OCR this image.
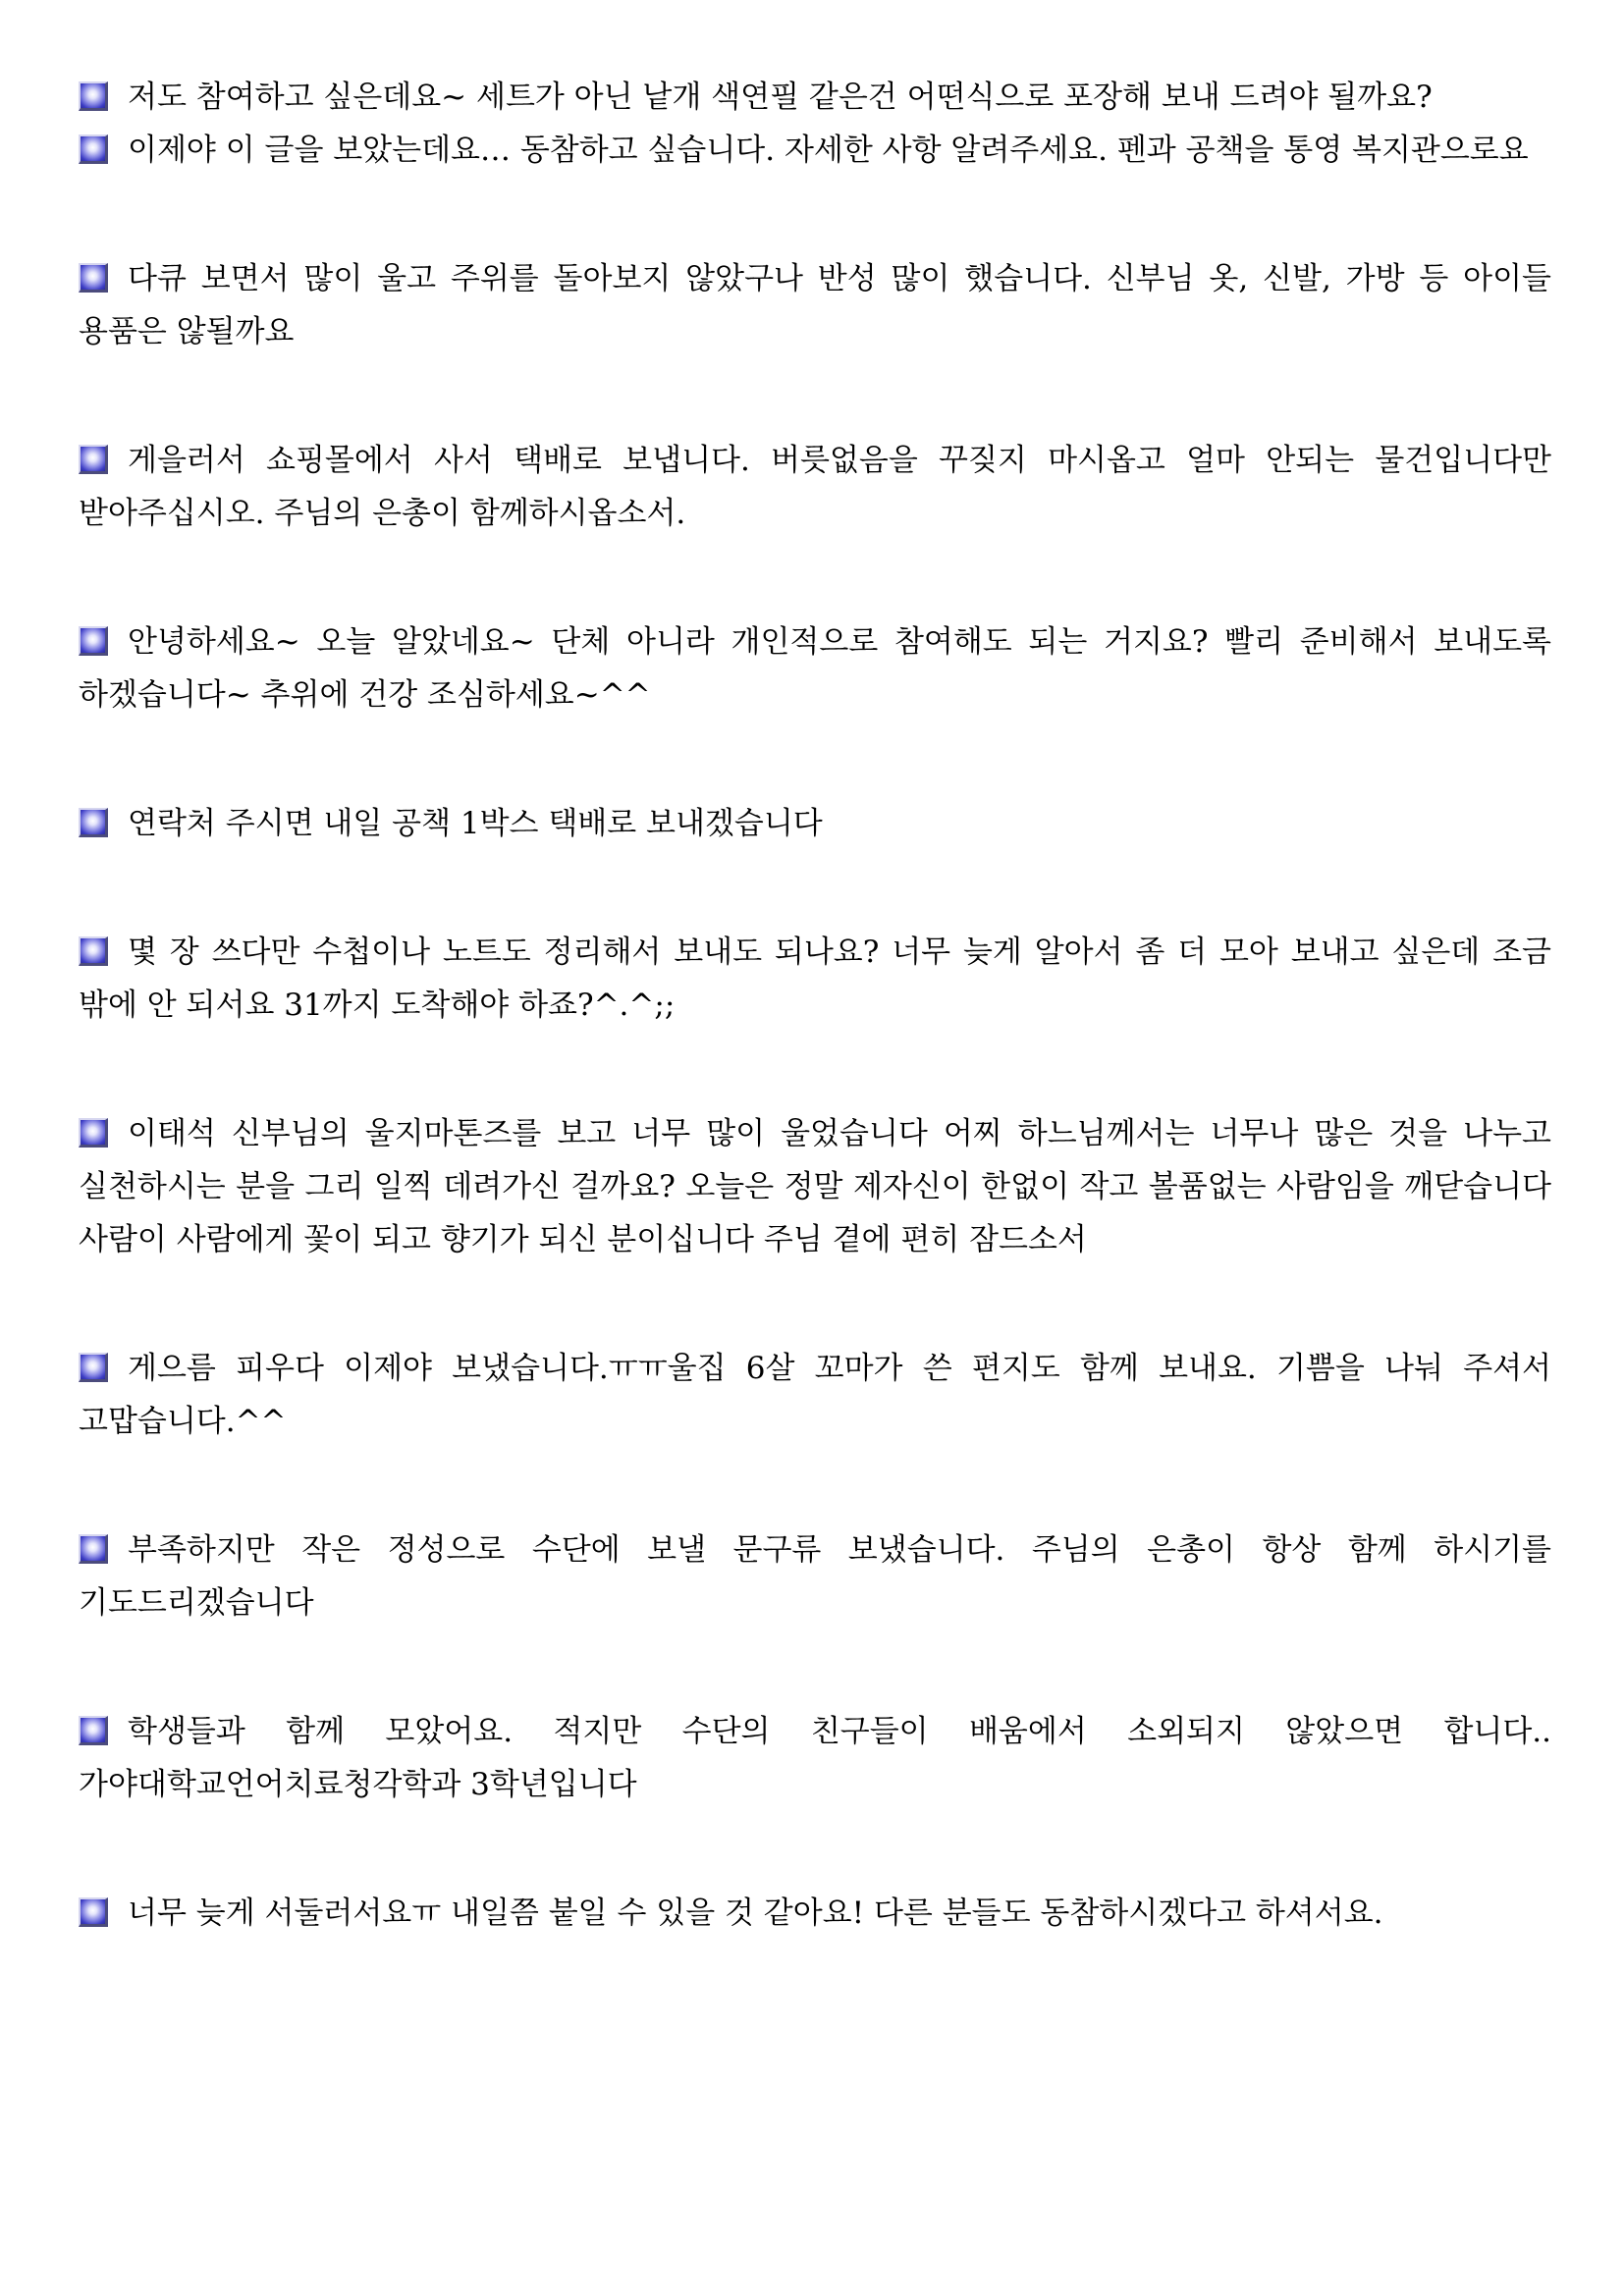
저도 참여하고 싶은데요~ 세트가 아닌 낱개 색연필 같은건 어떤식으로 포장해 보내 드려야 될까요?
이제야 이 글을 보았는데요… 동참하고 싶습니다. 자세한 사항 알려주세요. 펜과 공책을 통영 복지관으로요
다큐 보면서 많이 울고 주위를 돌아보지 않았구나 반성 많이 했습니다. 신부님 옷, 신발, 가방 등 아이들 용품은 않될까요
게을러서 쇼핑몰에서 사서 택배로 보냅니다. 버릇없음을 꾸짖지 마시옵고 얼마 안되는 물건입니다만 받아주십시오. 주님의 은총이 함께하시옵소서.
안녕하세요~ 오늘 알았네요~ 단체 아니라 개인적으로 참여해도 되는 거지요? 빨리 준비해서 보내도록 하겠습니다~ 추위에 건강 조심하세요~^^
연락처 주시면 내일 공책 1박스 택배로 보내겠습니다
몇 장 쓰다만 수첩이나 노트도 정리해서 보내도 되나요? 너무 늦게 알아서 좀 더 모아 보내고 싶은데 조금 밖에 안 되서요 31까지 도착해야 하죠?^.^;;
이태석 신부님의 울지마톤즈를 보고 너무 많이 울었습니다 어찌 하느님께서는 너무나 많은 것을 나누고 실천하시는 분을 그리 일찍 데려가신 걸까요? 오늘은 정말 제자신이 한없이 작고 볼품없는 사람임을 깨닫습니다 사람이 사람에게 꽃이 되고 향기가 되신 분이십니다 주님 곁에 편히 잠드소서
게으름 피우다 이제야 보냈습니다.ㅠㅠ울집 6살 꼬마가 쓴 편지도 함께 보내요. 기쁨을 나눠 주셔서 고맙습니다.^^
부족하지만 작은 정성으로 수단에 보낼 문구류 보냈습니다. 주님의 은총이 항상 함께 하시기를 기도드리겠습니다
학생들과 함께 모았어요. 적지만 수단의 친구들이 배움에서 소외되지 않았으면 합니다.. 가야대학교언어치료청각학과 3학년입니다
너무 늦게 서둘러서요ㅠ 내일쯤 붙일 수 있을 것 같아요! 다른 분들도 동참하시겠다고 하셔서요.
